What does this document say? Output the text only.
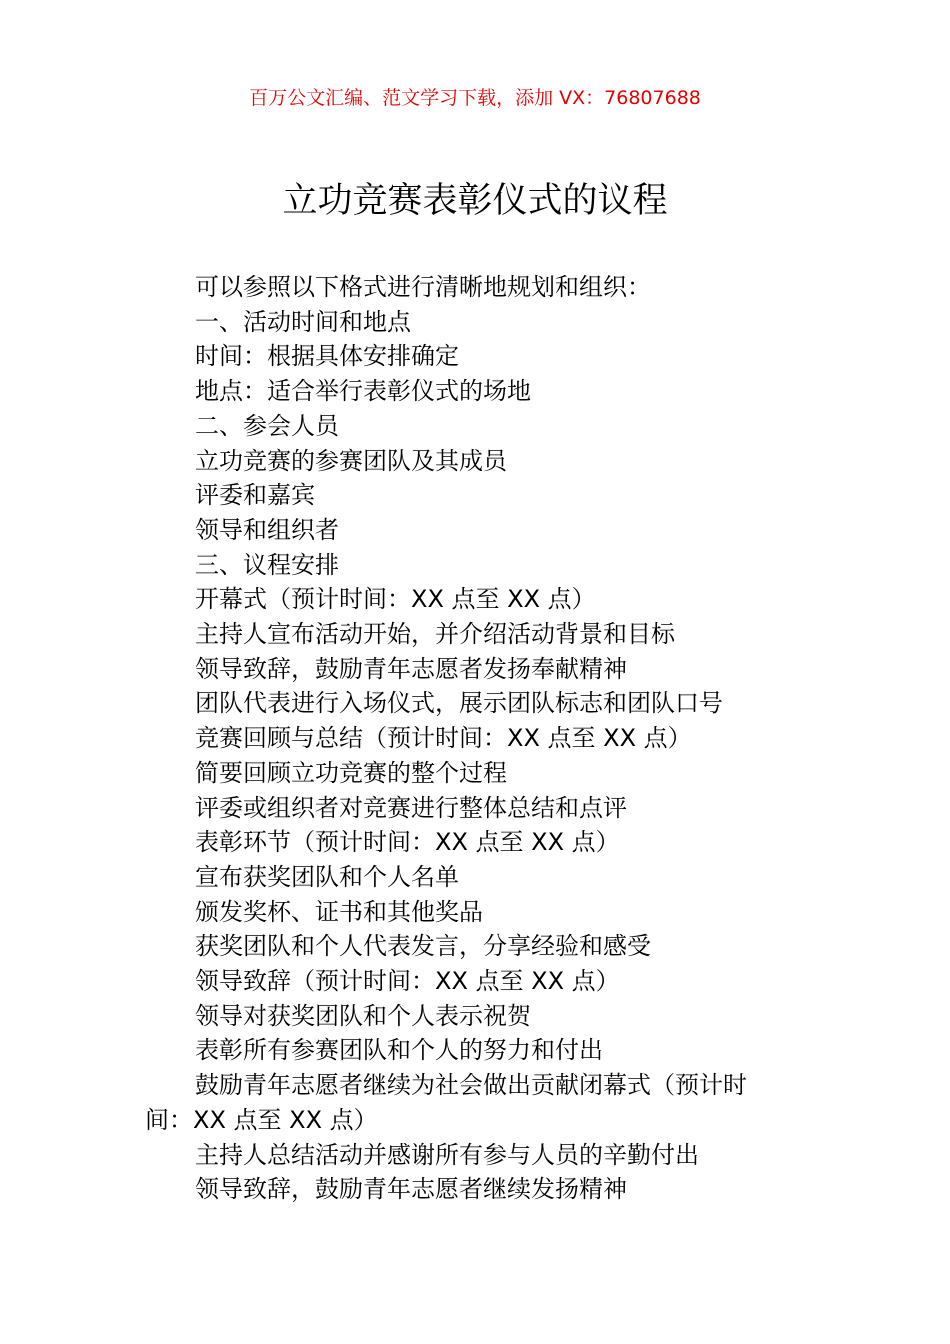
百万公文汇编、范文学习下载，添加 VX：76807688
立功竞赛表彰仪式的议程

可以参照以下格式进行清晰地规划和组织：

一、活动时间和地点

时间：根据具体安排确定

地点：适合举行表彰仪式的场地

二、参会人员

立功竞赛的参赛团队及其成员

评委和嘉宾

领导和组织者

三、议程安排

开幕式（预计时间：XX 点至 XX 点）

主持人宣布活动开始，并介绍活动背景和目标

领导致辞，鼓励青年志愿者发扬奉献精神

团队代表进行入场仪式，展示团队标志和团队口号

竞赛回顾与总结（预计时间：XX 点至 XX 点）

简要回顾立功竞赛的整个过程

评委或组织者对竞赛进行整体总结和点评

表彰环节（预计时间：XX 点至 XX 点）

宣布获奖团队和个人名单

颁发奖杯、证书和其他奖品

获奖团队和个人代表发言，分享经验和感受

领导致辞（预计时间：XX 点至 XX 点）

领导对获奖团队和个人表示祝贺

表彰所有参赛团队和个人的努力和付出

鼓励青年志愿者继续为社会做出贡献闭幕式（预计时

间：XX 点至 XX 点）

主持人总结活动并感谢所有参与人员的辛勤付出

领导致辞，鼓励青年志愿者继续发扬精神
